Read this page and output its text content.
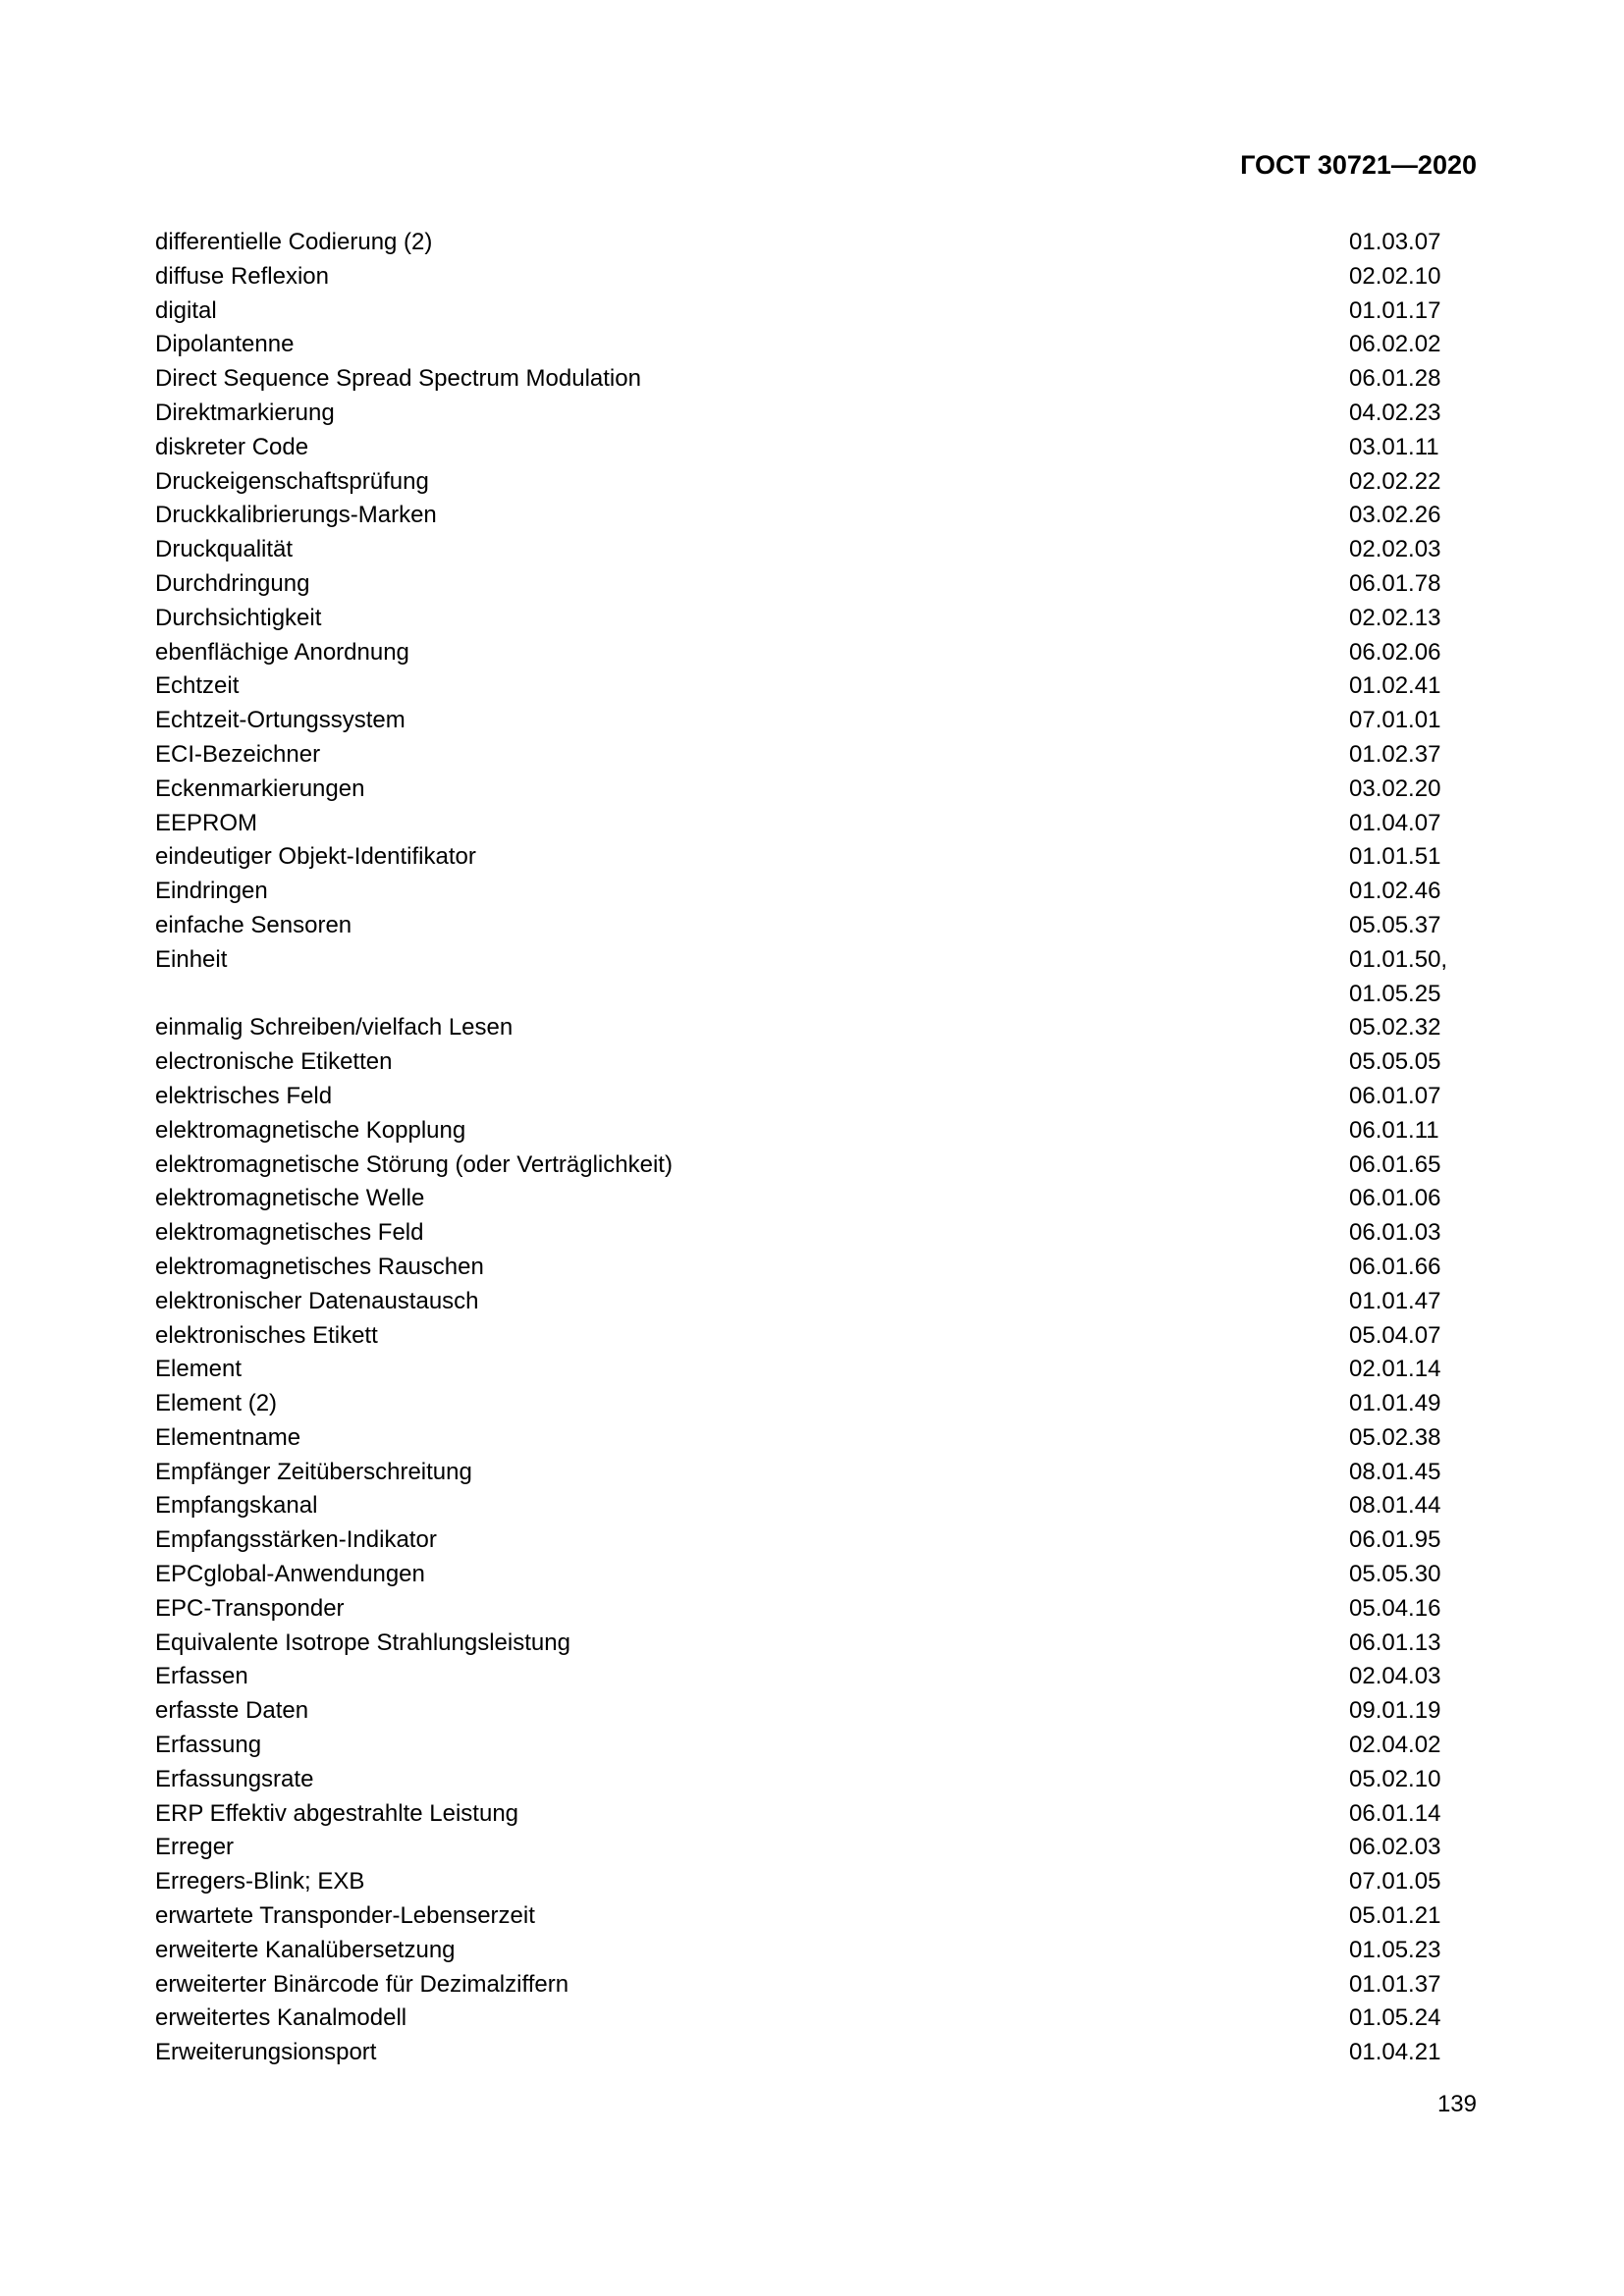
ГОСТ 30721—2020
differentielle Codierung (2)	01.03.07
diffuse Reflexion	02.02.10
digital	01.01.17
Dipolantenne	06.02.02
Direct Sequence Spread Spectrum Modulation	06.01.28
Direktmarkierung	04.02.23
diskreter Code	03.01.11
Druckeigenschaftsprüfung	02.02.22
Druckkalibrierungs-Marken	03.02.26
Druckqualität	02.02.03
Durchdringung	06.01.78
Durchsichtigkeit	02.02.13
ebenflächige Anordnung	06.02.06
Echtzeit	01.02.41
Echtzeit-Ortungssystem	07.01.01
ECI-Bezeichner	01.02.37
Eckenmarkierungen	03.02.20
EEPROM	01.04.07
eindeutiger Objekt-Identifikator	01.01.51
Eindringen	01.02.46
einfache Sensoren	05.05.37
Einheit	01.01.50,
01.05.25
einmalig Schreiben/vielfach Lesen	05.02.32
electronische Etiketten	05.05.05
elektrisches Feld	06.01.07
elektromagnetische Kopplung	06.01.11
elektromagnetische Störung (oder Verträglichkeit)	06.01.65
elektromagnetische Welle	06.01.06
elektromagnetisches Feld	06.01.03
elektromagnetisches Rauschen	06.01.66
elektronischer Datenaustausch	01.01.47
elektronisches Etikett	05.04.07
Element	02.01.14
Element (2)	01.01.49
Elementname	05.02.38
Empfänger Zeitüberschreitung	08.01.45
Empfangskanal	08.01.44
Empfangsstärken-Indikator	06.01.95
EPCglobal-Anwendungen	05.05.30
EPC-Transponder	05.04.16
Equivalente Isotrope Strahlungsleistung	06.01.13
Erfassen	02.04.03
erfasste Daten	09.01.19
Erfassung	02.04.02
Erfassungsrate	05.02.10
ERP Effektiv abgestrahlte Leistung	06.01.14
Erreger	06.02.03
Erregers-Blink; EXB	07.01.05
erwartete Transponder-Lebenserzeit	05.01.21
erweiterte Kanalübersetzung	01.05.23
erweiterter Binärcode für Dezimalziffern	01.01.37
erweitertes Kanalmodell	01.05.24
Erweiterungsionsport	01.04.21
139
